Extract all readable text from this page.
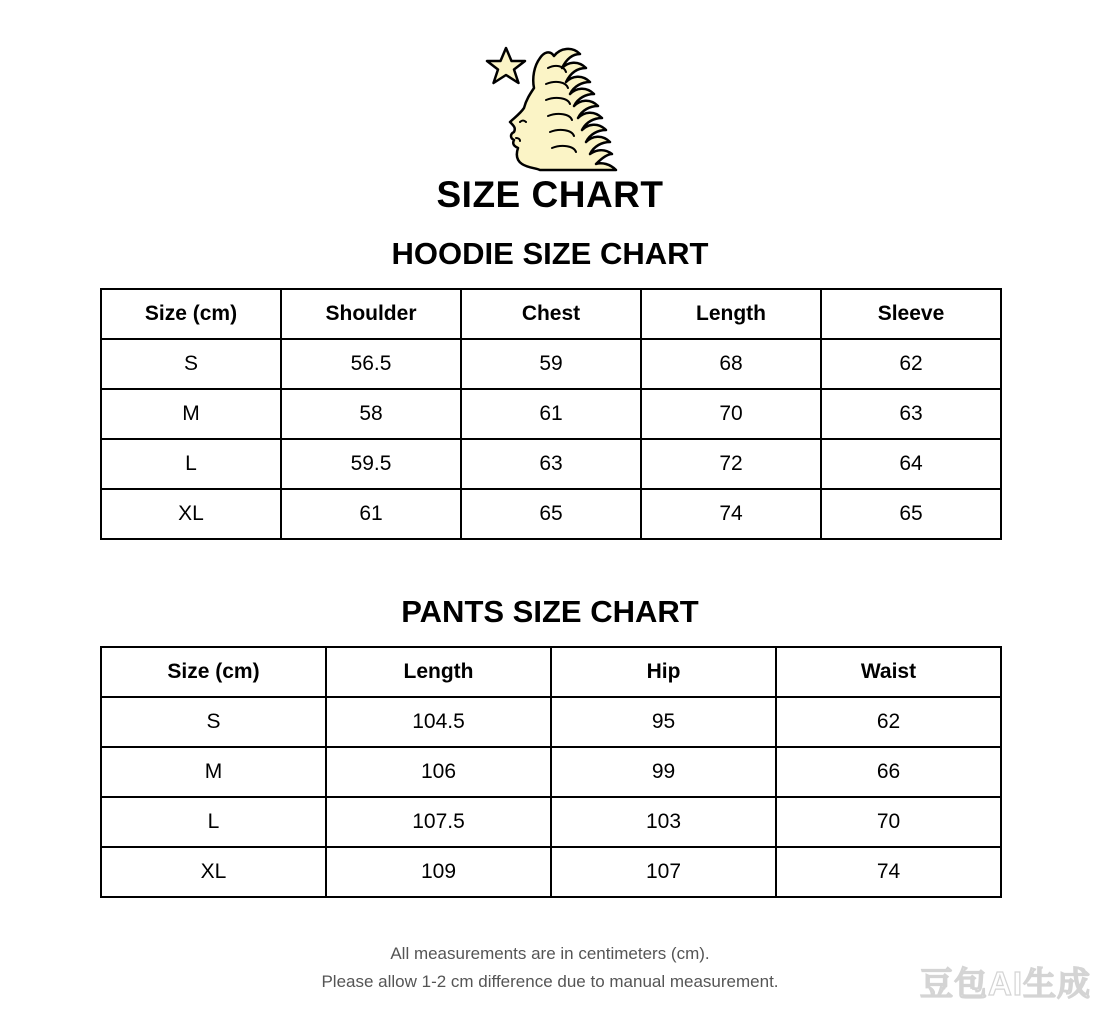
SIZE CHART
HOODIE SIZE CHART
Size (cm)	Shoulder	Chest	Length	Sleeve
S	56.5	59	68	62
M	58	61	70	63
L	59.5	63	72	64
XL	61	65	74	65
PANTS SIZE CHART
Size (cm)	Length	Hip	Waist
S	104.5	95	62
M	106	99	66
L	107.5	103	70
XL	109	107	74
All measurements are in centimeters (cm).
Please allow 1-2 cm difference due to manual measurement.	豆包AI生成
